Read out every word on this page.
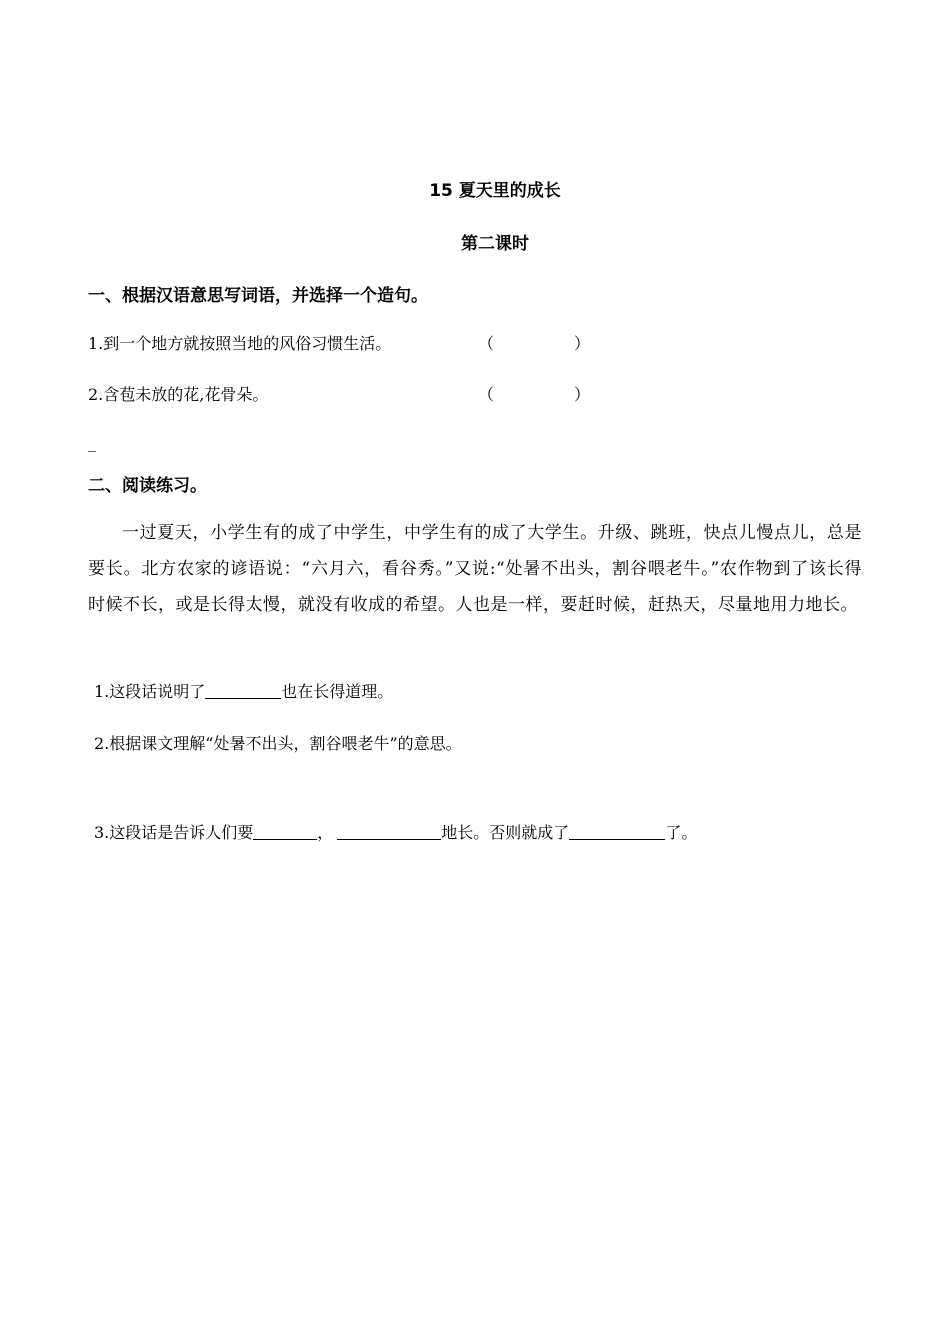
15 夏天里的成长
第二课时
一、根据汉语意思写词语，并选择一个造句。
1.到一个地方就按照当地的风俗习惯生活。	（	）
2.含苞未放的花,花骨朵。	（	）
_
二、阅读练习。
一过夏天，小学生有的成了中学生，中学生有的成了大学生。升级、跳班，快点儿慢点儿，总是要长。北方农家的谚语说：“六月六，看谷秀。”又说:“处暑不出头，割谷喂老牛。”农作物到了该长得时候不长，或是长得太慢，就没有收成的希望。人也是一样，要赶时候，赶热天，尽量地用力地长。
1.这段话说明了	也在长得道理。
2.根据课文理解“处暑不出头，割谷喂老牛”的意思。
3.这段话是告诉人们要	，	地长。否则就成了	了。
